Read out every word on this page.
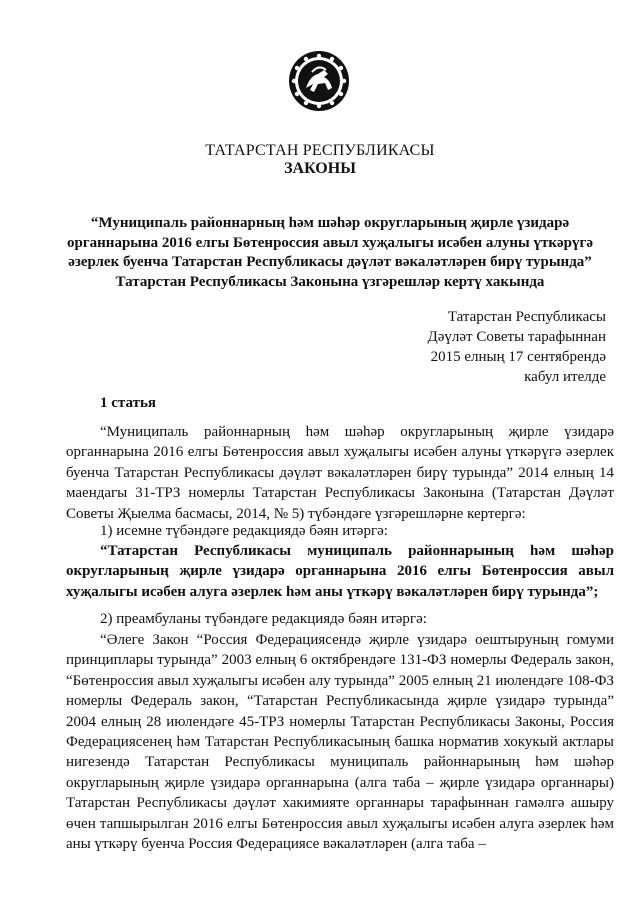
ТАТАРСТАН РЕСПУБЛИКАСЫ
ЗАКОНЫ
“Муниципаль районнарның һәм шәһәр округларының җирле үзидарә органнарына 2016 елгы Бөтенроссия авыл хуҗалыгы исәбен алуны үткәрүгә әзерлек буенча Татарстан Республикасы дәүләт вәкаләтләрен бирү турында” Татарстан Республикасы Законына үзгәрешләр кертү хакында
Татарстан Республикасы
Дәүләт Советы тарафыннан
2015 елның 17 сентябрендә
кабул ителде
1 статья
“Муниципаль районнарның һәм шәһәр округларының җирле үзидарә органнарына 2016 елгы Бөтенроссия авыл хуҗалыгы исәбен алуны үткәрүгә әзерлек буенча Татарстан Республикасы дәүләт вәкаләтләрен бирү турында” 2014 елның 14 маендагы 31-ТРЗ номерлы Татарстан Республикасы Законына (Татарстан Дәүләт Советы Җыелма басмасы, 2014, № 5) түбәндәге үзгәрешләрне кертергә:
1) исемне түбәндәге редакциядә бәян итәргә:
“Татарстан Республикасы муниципаль районнарының һәм шәһәр округларының җирле үзидарә органнарына 2016 елгы Бөтенроссия авыл хуҗалыгы исәбен алуга әзерлек һәм аны үткәрү вәкаләтләрен бирү турында”;
2) преамбуланы түбәндәге редакциядә бәян итәргә:
“Әлеге Закон “Россия Федерациясендә җирле үзидарә оештыруның гомуми принциплары турында” 2003 елның 6 октябрендәге 131-ФЗ номерлы Федераль закон, “Бөтенроссия авыл хуҗалыгы исәбен алу турында” 2005 елның 21 июлендәге 108-ФЗ номерлы Федераль закон, “Татарстан Республикасында җирле үзидарә турында” 2004 елның 28 июлендәге 45-ТРЗ номерлы Татарстан Республикасы Законы, Россия Федерациясенең һәм Татарстан Республикасының башка норматив хокукый актлары нигезендә Татарстан Республикасы муниципаль районнарының һәм шәһәр округларының җирле үзидарә органнарына (алга таба – җирле үзидарә органнары) Татарстан Республикасы дәүләт хакимияте органнары тарафыннан гамәлгә ашыру өчен тапшырылган 2016 елгы Бөтенроссия авыл хуҗалыгы исәбен алуга әзерлек һәм аны үткәрү буенча Россия Федерациясе вәкаләтләрен (алга таба –
